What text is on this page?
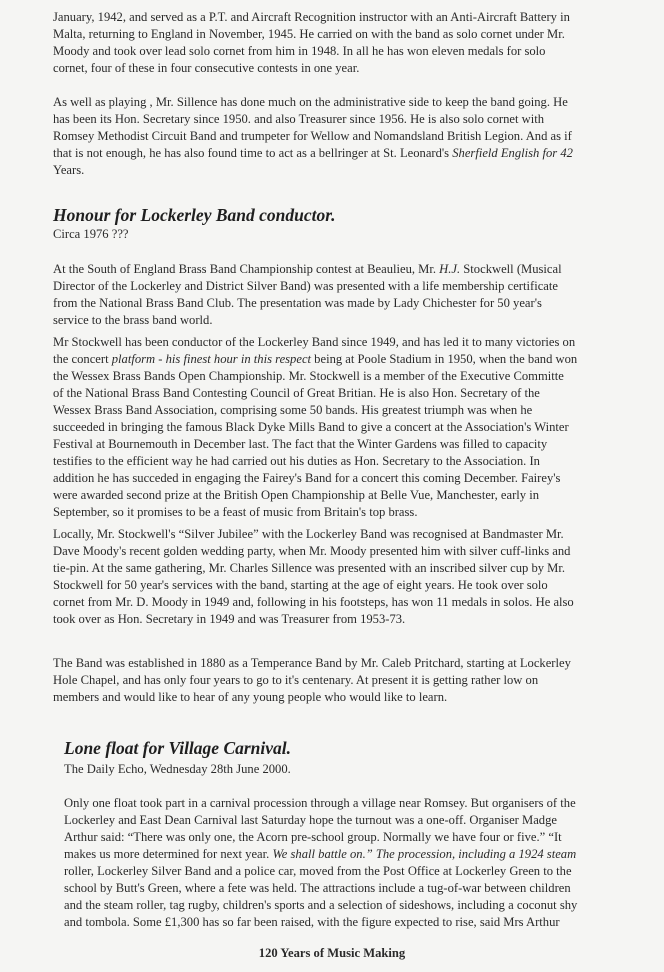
January, 1942, and served as a P.T. and Aircraft Recognition instructor with an Anti-Aircraft Battery in
Malta, returning to England in November, 1945. He carried on with the band as solo cornet under Mr.
Moody and took over lead solo cornet from him in 1948. In all he has won eleven medals for solo
cornet, four of these in four consecutive contests in one year.
As well as playing , Mr. Sillence has done much on the administrative side to keep the band going. He
has been its Hon. Secretary since 1950. and also Treasurer since 1956. He is also solo cornet with
Romsey Methodist Circuit Band and trumpeter for Wellow and Nomandsland British Legion. And as if
that is not enough, he has also found time to act as a bellringer at St. Leonard's Sherfield English for 42
Years.
Honour for Lockerley Band conductor.
Circa 1976 ???
At the South of England Brass Band Championship contest at Beaulieu, Mr. H.J. Stockwell (Musical
Director of the Lockerley and District Silver Band) was presented with a life membership certificate
from the National Brass Band Club. The presentation was made by Lady Chichester for 50 year's
service to the brass band world.
Mr Stockwell has been conductor of the Lockerley Band since 1949, and has led it to many victories on
the concert platform - his finest hour in this respect being at Poole Stadium in 1950, when the band won
the Wessex Brass Bands Open Championship. Mr. Stockwell is a member of the Executive Committe
of the National Brass Band Contesting Council of Great Britian. He is also Hon. Secretary of the
Wessex Brass Band Association, comprising some 50 bands. His greatest triumph was when he
succeeded in bringing the famous Black Dyke Mills Band to give a concert at the Association's Winter
Festival at Bournemouth in December last. The fact that the Winter Gardens was filled to capacity
testifies to the efficient way he had carried out his duties as Hon. Secretary to the Association. In
addition he has succeded in engaging the Fairey's Band for a concert this coming December. Fairey's
were awarded second prize at the British Open Championship at Belle Vue, Manchester, early in
September, so it promises to be a feast of music from Britain's top brass.
Locally, Mr. Stockwell's “Silver Jubilee” with the Lockerley Band was recognised at Bandmaster Mr.
Dave Moody's recent golden wedding party, when Mr. Moody presented him with silver cuff-links and
tie-pin. At the same gathering, Mr. Charles Sillence was presented with an inscribed silver cup by Mr.
Stockwell for 50 year's services with the band, starting at the age of eight years. He took over solo
cornet from Mr. D. Moody in 1949 and, following in his footsteps, has won 11 medals in solos. He also
took over as Hon. Secretary in 1949 and was Treasurer from 1953-73.
The Band was established in 1880 as a Temperance Band by Mr. Caleb Pritchard, starting at Lockerley
Hole Chapel, and has only four years to go to it's centenary. At present it is getting rather low on
members and would like to hear of any young people who would like to learn.
Lone float for Village Carnival.
The Daily Echo, Wednesday 28th June 2000.
Only one float took part in a carnival procession through a village near Romsey. But organisers of the
Lockerley and East Dean Carnival last Saturday hope the turnout was a one-off. Organiser Madge
Arthur said: “There was only one, the Acorn pre-school group. Normally we have four or five.” “It
makes us more determined for next year. We shall battle on.” The procession, including a 1924 steam
roller, Lockerley Silver Band and a police car, moved from the Post Office at Lockerley Green to the
school by Butt's Green, where a fete was held. The attractions include a tug-of-war between children
and the steam roller, tag rugby, children's sports and a selection of sideshows, including a coconut shy
and tombola. Some £1,300 has so far been raised, with the figure expected to rise, said Mrs Arthur
120 Years of Music Making
